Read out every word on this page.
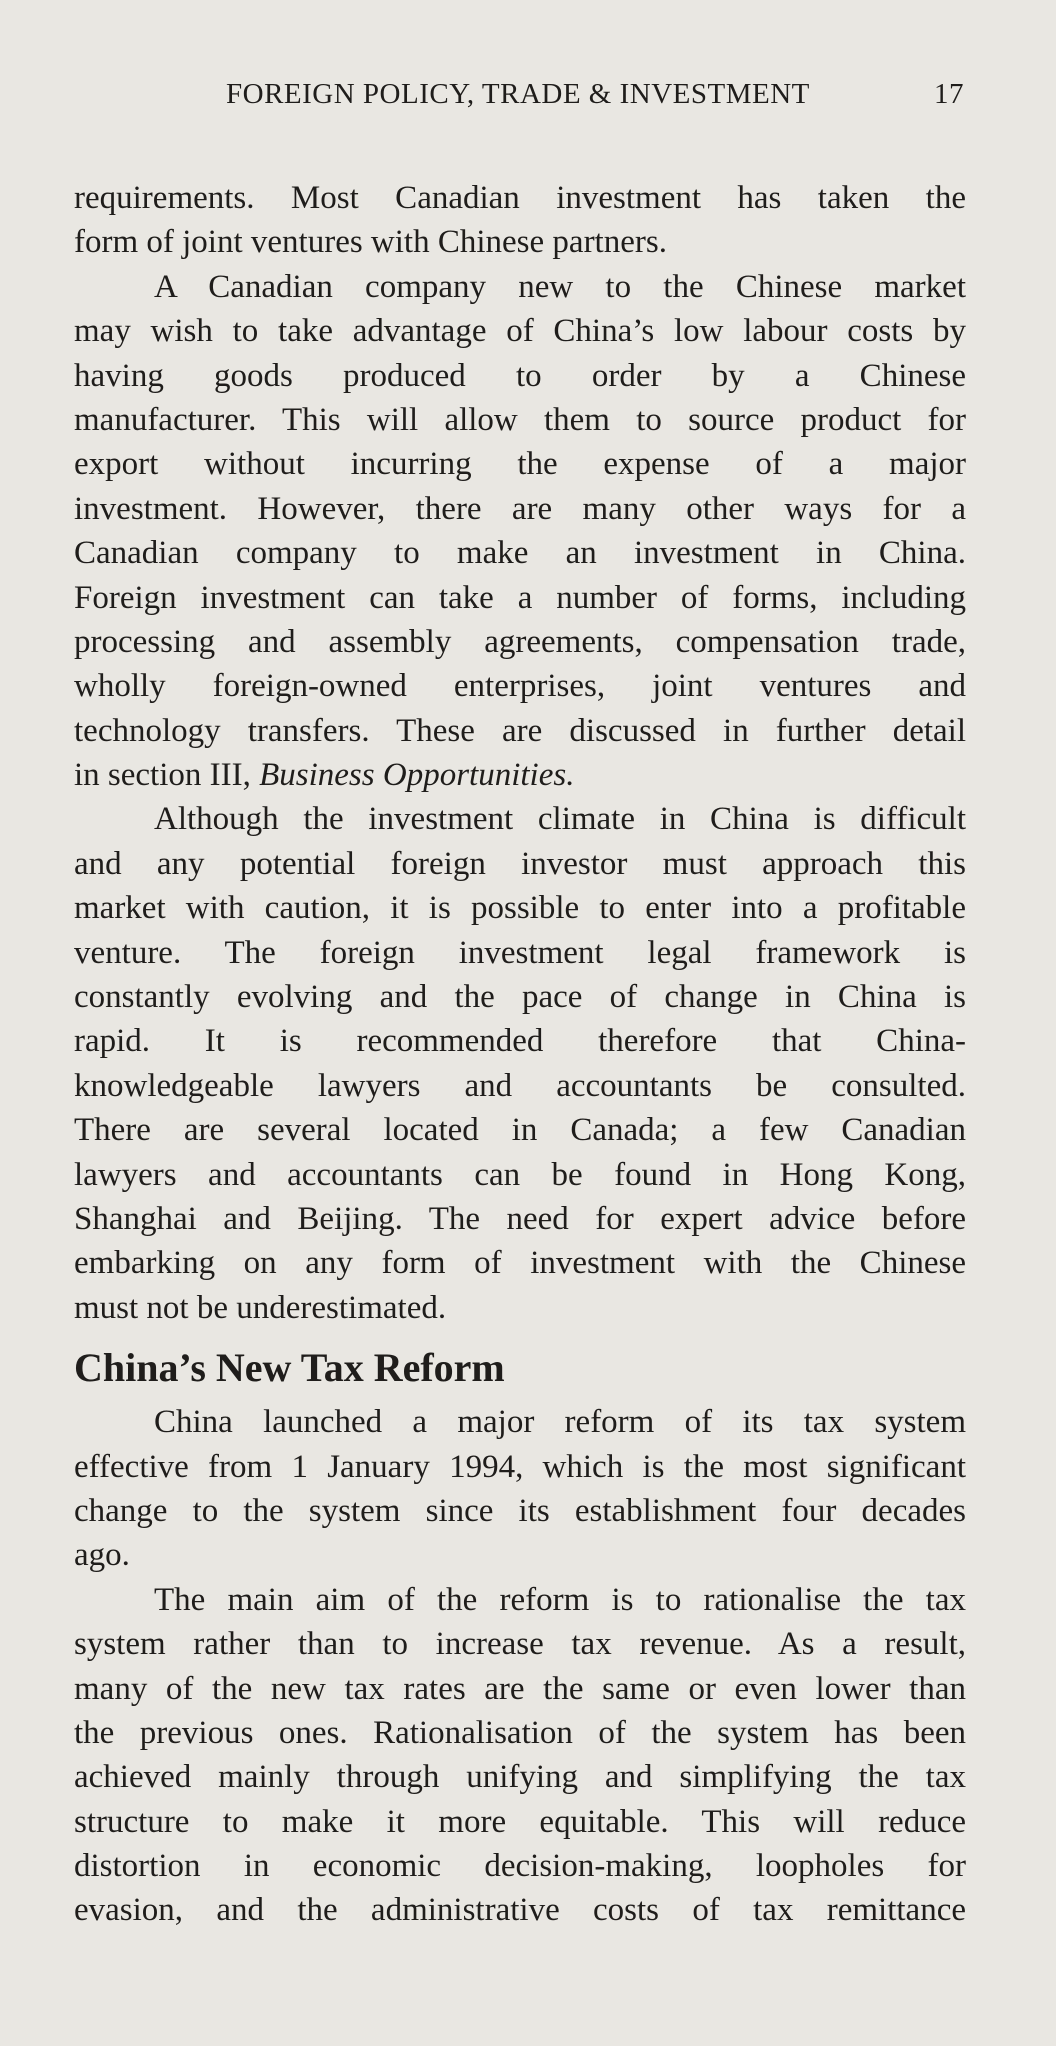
FOREIGN POLICY, TRADE & INVESTMENT	17
requirements. Most Canadian investment has taken the
form of joint ventures with Chinese partners.
A Canadian company new to the Chinese market
may wish to take advantage of China’s low labour costs by
having goods produced to order by a Chinese
manufacturer. This will allow them to source product for
export without incurring the expense of a major
investment. However, there are many other ways for a
Canadian company to make an investment in China.
Foreign investment can take a number of forms, including
processing and assembly agreements, compensation trade,
wholly foreign-owned enterprises, joint ventures and
technology transfers. These are discussed in further detail
in section III, Business Opportunities.
Although the investment climate in China is difficult
and any potential foreign investor must approach this
market with caution, it is possible to enter into a profitable
venture. The foreign investment legal framework is
constantly evolving and the pace of change in China is
rapid. It is recommended therefore that China-
knowledgeable lawyers and accountants be consulted.
There are several located in Canada; a few Canadian
lawyers and accountants can be found in Hong Kong,
Shanghai and Beijing. The need for expert advice before
embarking on any form of investment with the Chinese
must not be underestimated.
China’s New Tax Reform
China launched a major reform of its tax system
effective from 1 January 1994, which is the most significant
change to the system since its establishment four decades
ago.
The main aim of the reform is to rationalise the tax
system rather than to increase tax revenue. As a result,
many of the new tax rates are the same or even lower than
the previous ones. Rationalisation of the system has been
achieved mainly through unifying and simplifying the tax
structure to make it more equitable. This will reduce
distortion in economic decision-making, loopholes for
evasion, and the administrative costs of tax remittance
